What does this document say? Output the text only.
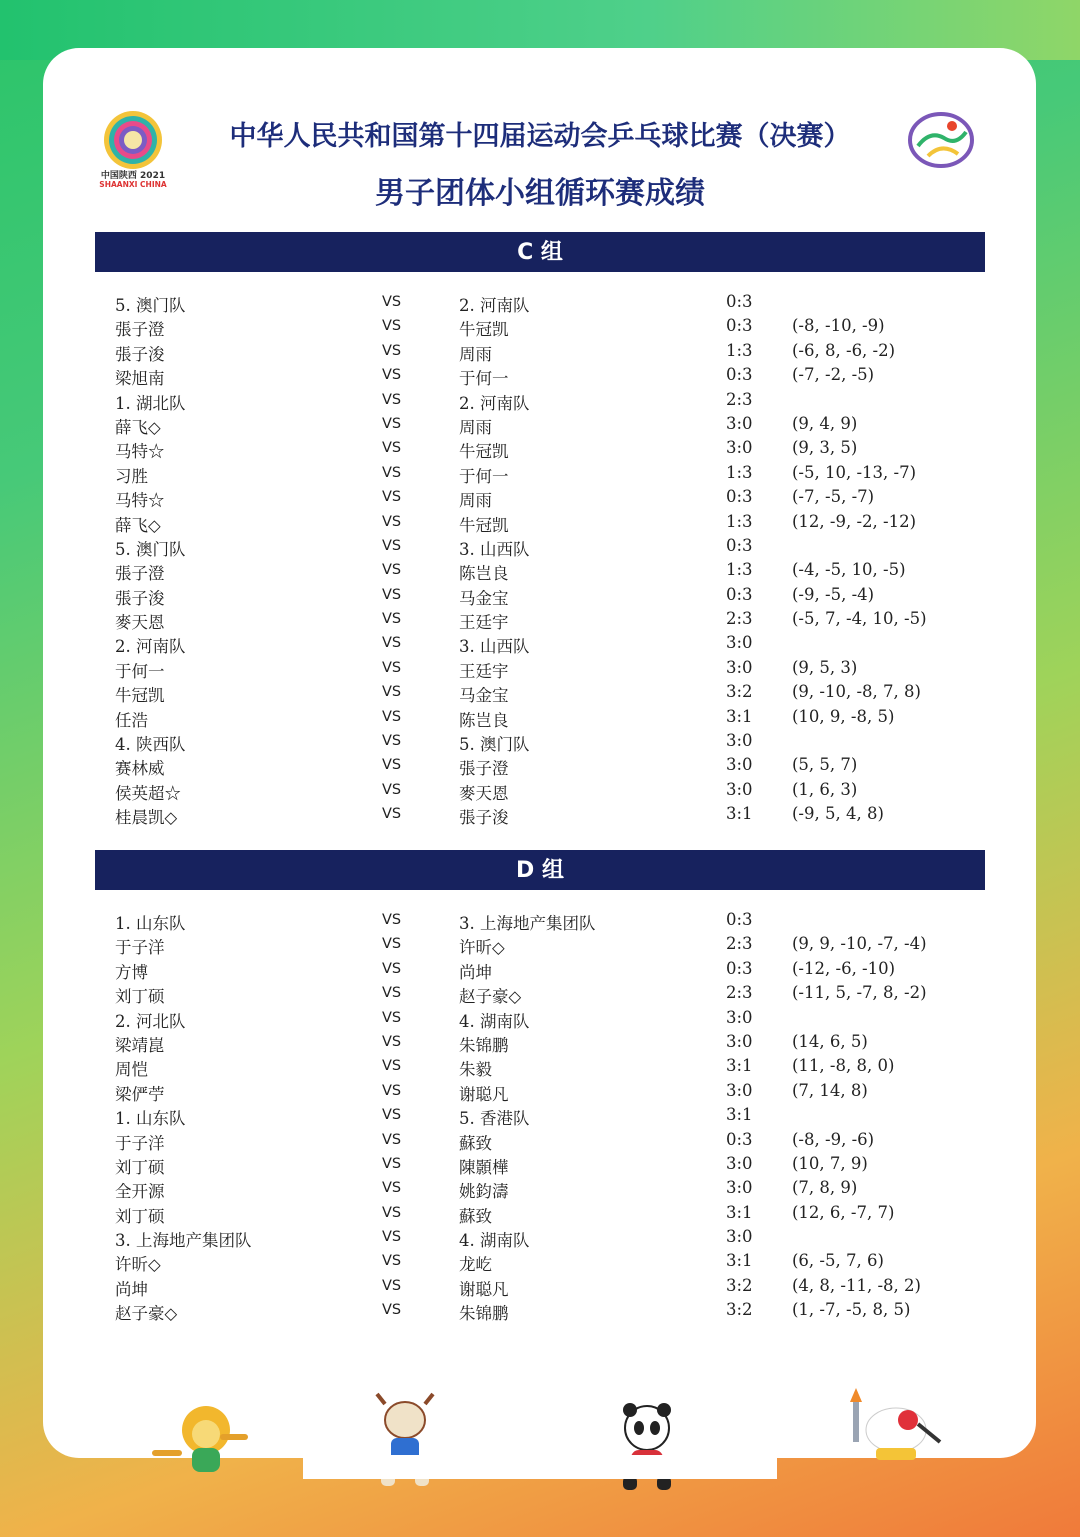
中国陕西 2021
SHAANXI CHINA
中华人民共和国第十四届运动会乒乓球比赛（决赛）
男子团体小组循环赛成绩
C 组
5. 澳门队	VS	2. 河南队	0:3
張子澄	VS	牛冠凯	0:3 (-8, -10, -9)
張子浚	VS	周雨	1:3 (-6, 8, -6, -2)
梁旭南	VS	于何一	0:3 (-7, -2, -5)
1. 湖北队	VS	2. 河南队	2:3
薛飞◇	VS	周雨	3:0 (9, 4, 9)
马特☆	VS	牛冠凯	3:0 (9, 3, 5)
习胜	VS	于何一	1:3 (-5, 10, -13, -7)
马特☆	VS	周雨	0:3 (-7, -5, -7)
薛飞◇	VS	牛冠凯	1:3 (12, -9, -2, -12)
5. 澳门队	VS	3. 山西队	0:3
張子澄	VS	陈岂良	1:3 (-4, -5, 10, -5)
張子浚	VS	马金宝	0:3 (-9, -5, -4)
麥天恩	VS	王廷宇	2:3 (-5, 7, -4, 10, -5)
2. 河南队	VS	3. 山西队	3:0
于何一	VS	王廷宇	3:0 (9, 5, 3)
牛冠凯	VS	马金宝	3:2 (9, -10, -8, 7, 8)
任浩	VS	陈岂良	3:1 (10, 9, -8, 5)
4. 陕西队	VS	5. 澳门队	3:0
赛林威	VS	張子澄	3:0 (5, 5, 7)
侯英超☆	VS	麥天恩	3:0 (1, 6, 3)
桂晨凯◇	VS	張子浚	3:1 (-9, 5, 4, 8)
D 组
1. 山东队	VS	3. 上海地产集团队	0:3
于子洋	VS	许昕◇	2:3 (9, 9, -10, -7, -4)
方博	VS	尚坤	0:3 (-12, -6, -10)
刘丁硕	VS	赵子豪◇	2:3 (-11, 5, -7, 8, -2)
2. 河北队	VS	4. 湖南队	3:0
梁靖崑	VS	朱锦鹏	3:0 (14, 6, 5)
周恺	VS	朱毅	3:1 (11, -8, 8, 0)
梁俨苧	VS	谢聪凡	3:0 (7, 14, 8)
1. 山东队	VS	5. 香港队	3:1
于子洋	VS	蘇致	0:3 (-8, -9, -6)
刘丁硕	VS	陳顥樺	3:0 (10, 7, 9)
全开源	VS	姚鈞濤	3:0 (7, 8, 9)
刘丁硕	VS	蘇致	3:1 (12, 6, -7, 7)
3. 上海地产集团队	VS	4. 湖南队	3:0
许昕◇	VS	龙屹	3:1 (6, -5, 7, 6)
尚坤	VS	谢聪凡	3:2 (4, 8, -11, -8, 2)
赵子豪◇	VS	朱锦鹏	3:2 (1, -7, -5, 8, 5)
